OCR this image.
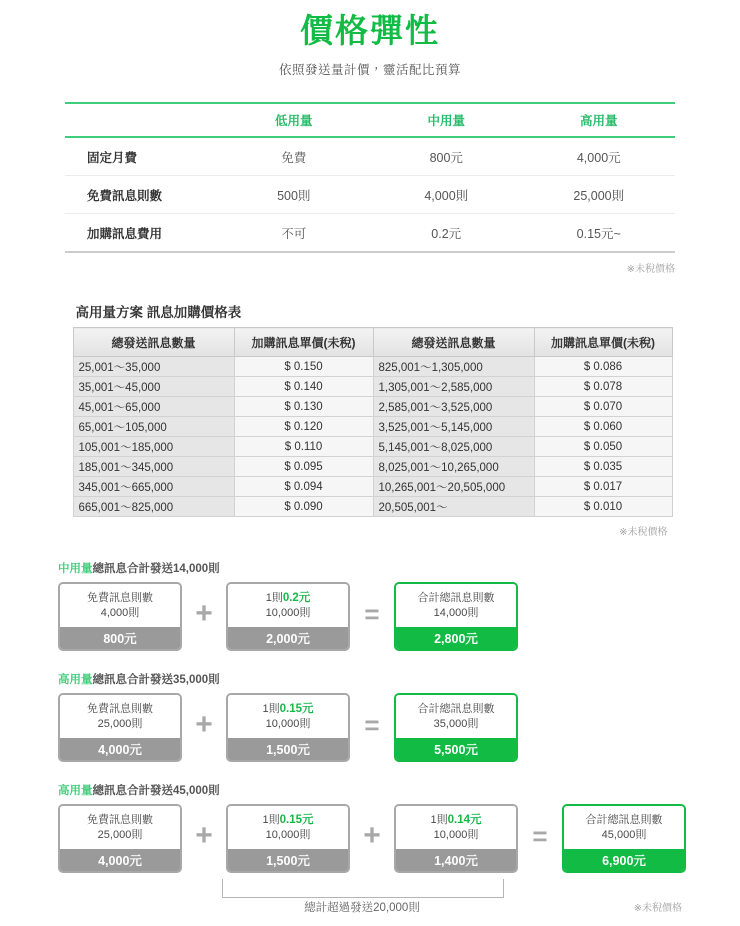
價格彈性

依照發送量計價，靈活配比預算

	低用量	中用量	高用量
固定月費	免費	800元	4,000元
免費訊息則數	500則	4,000則	25,000則
加購訊息費用	不可	0.2元	0.15元~
※未稅價格
高用量方案 訊息加購價格表
總發送訊息數量	加購訊息單價(未稅)	總發送訊息數量	加購訊息單價(未稅)
25,001～35,000	$ 0.150	825,001～1,305,000	$ 0.086
35,001～45,000	$ 0.140	1,305,001～2,585,000	$ 0.078
45,001～65,000	$ 0.130	2,585,001～3,525,000	$ 0.070
65,001～105,000	$ 0.120	3,525,001～5,145,000	$ 0.060
105,001～185,000	$ 0.110	5,145,001～8,025,000	$ 0.050
185,001～345,000	$ 0.095	8,025,001～10,265,000	$ 0.035
345,001～665,000	$ 0.094	10,265,001～20,505,000	$ 0.017
665,001～825,000	$ 0.090	20,505,001～	$ 0.010
※未稅價格
中用量總訊息合計發送14,000則
免費訊息則數
4,000則
800元
+	1則0.2元
10,000則
2,000元
=
合計總訊息則數
14,000則
2,800元
高用量總訊息合計發送35,000則
免費訊息則數
25,000則
4,000元
+	1則0.15元
10,000則
1,500元
=
合計總訊息則數
35,000則
5,500元
高用量總訊息合計發送45,000則
免費訊息則數
25,000則
4,000元
+	1則0.15元
10,000則
1,500元
+	1則0.14元
10,000則
1,400元
=
合計總訊息則數
45,000則
6,900元
總計超過發送20,000則	※未稅價格
